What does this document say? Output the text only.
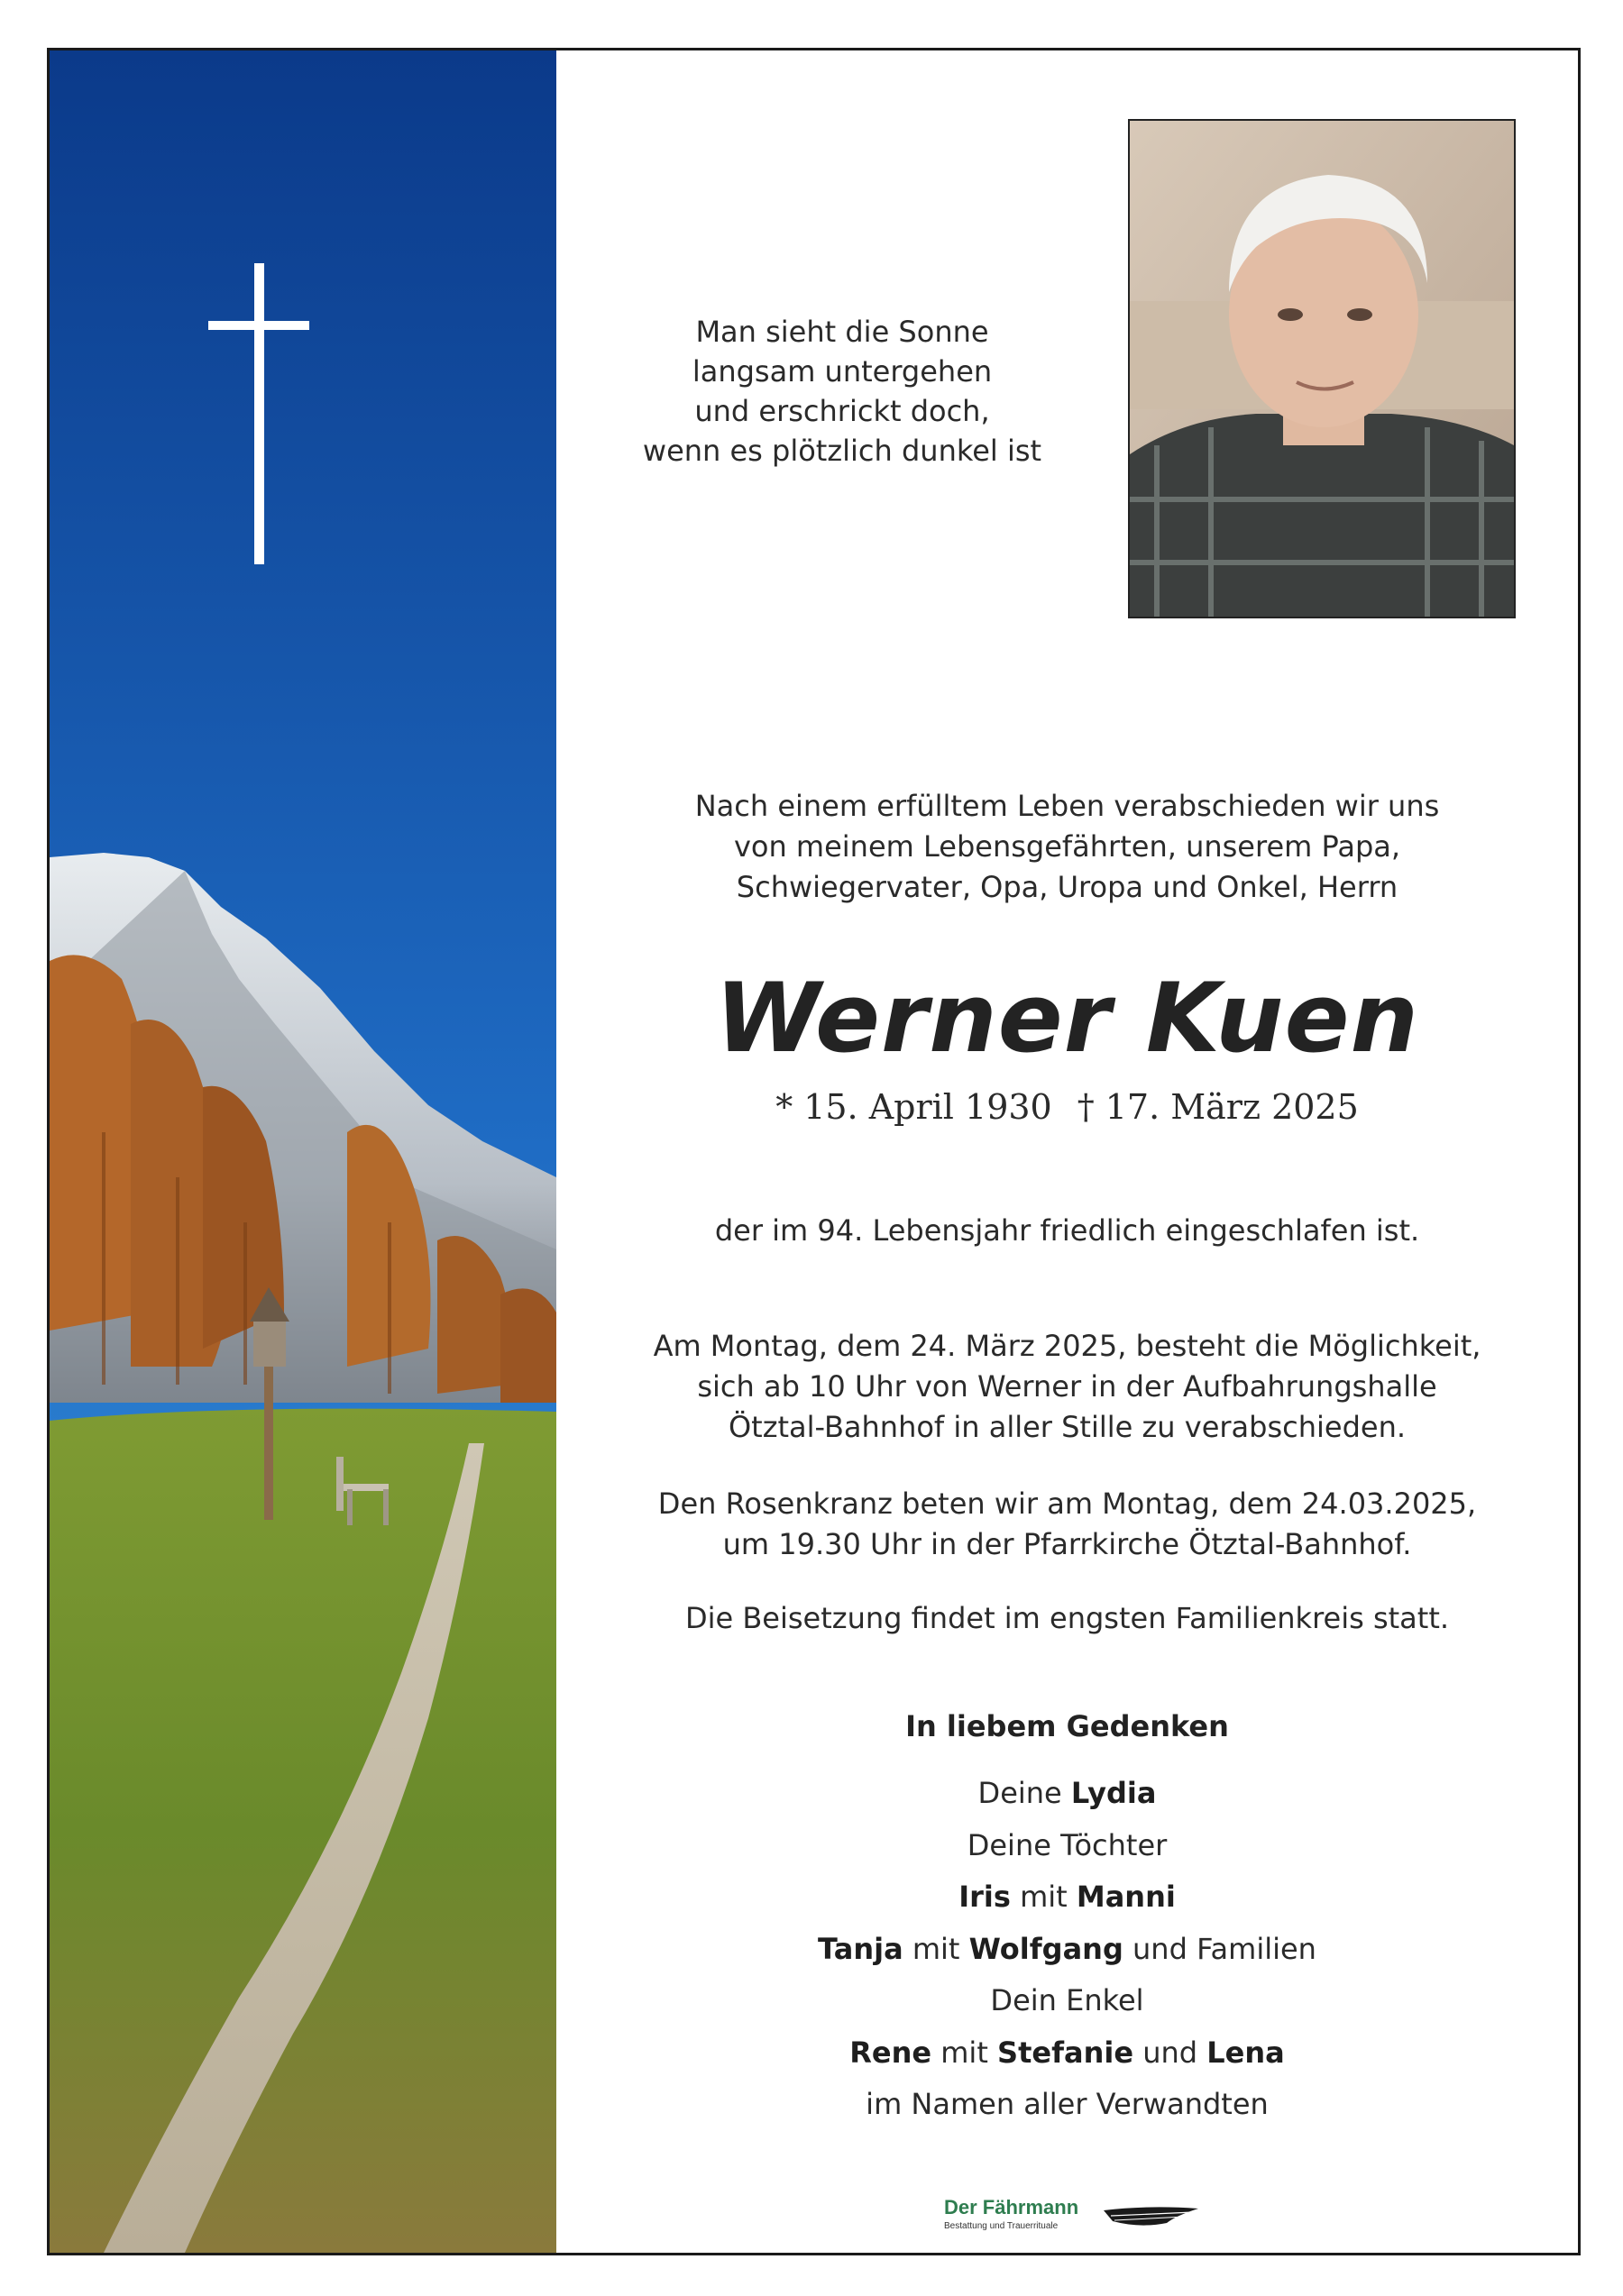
Man sieht die Sonne
langsam untergehen
und erschrickt doch,
wenn es plötzlich dunkel ist
Nach einem erfülltem Leben verabschieden wir uns
von meinem Lebensgefährten, unserem Papa,
Schwiegervater, Opa, Uropa und Onkel, Herrn
Werner Kuen
* 15. April 1930 † 17. März 2025
der im 94. Lebensjahr friedlich eingeschlafen ist.
Am Montag, dem 24. März 2025, besteht die Möglichkeit,
sich ab 10 Uhr von Werner in der Aufbahrungshalle
Ötztal-Bahnhof in aller Stille zu verabschieden.
Den Rosenkranz beten wir am Montag, dem 24.03.2025,
um 19.30 Uhr in der Pfarrkirche Ötztal-Bahnhof.
Die Beisetzung findet im engsten Familienkreis statt.
In liebem Gedenken
Deine Lydia
Deine Töchter
Iris mit Manni
Tanja mit Wolfgang und Familien
Dein Enkel
Rene mit Stefanie und Lena
im Namen aller Verwandten
Der Fährmann
Bestattung und Trauerrituale
